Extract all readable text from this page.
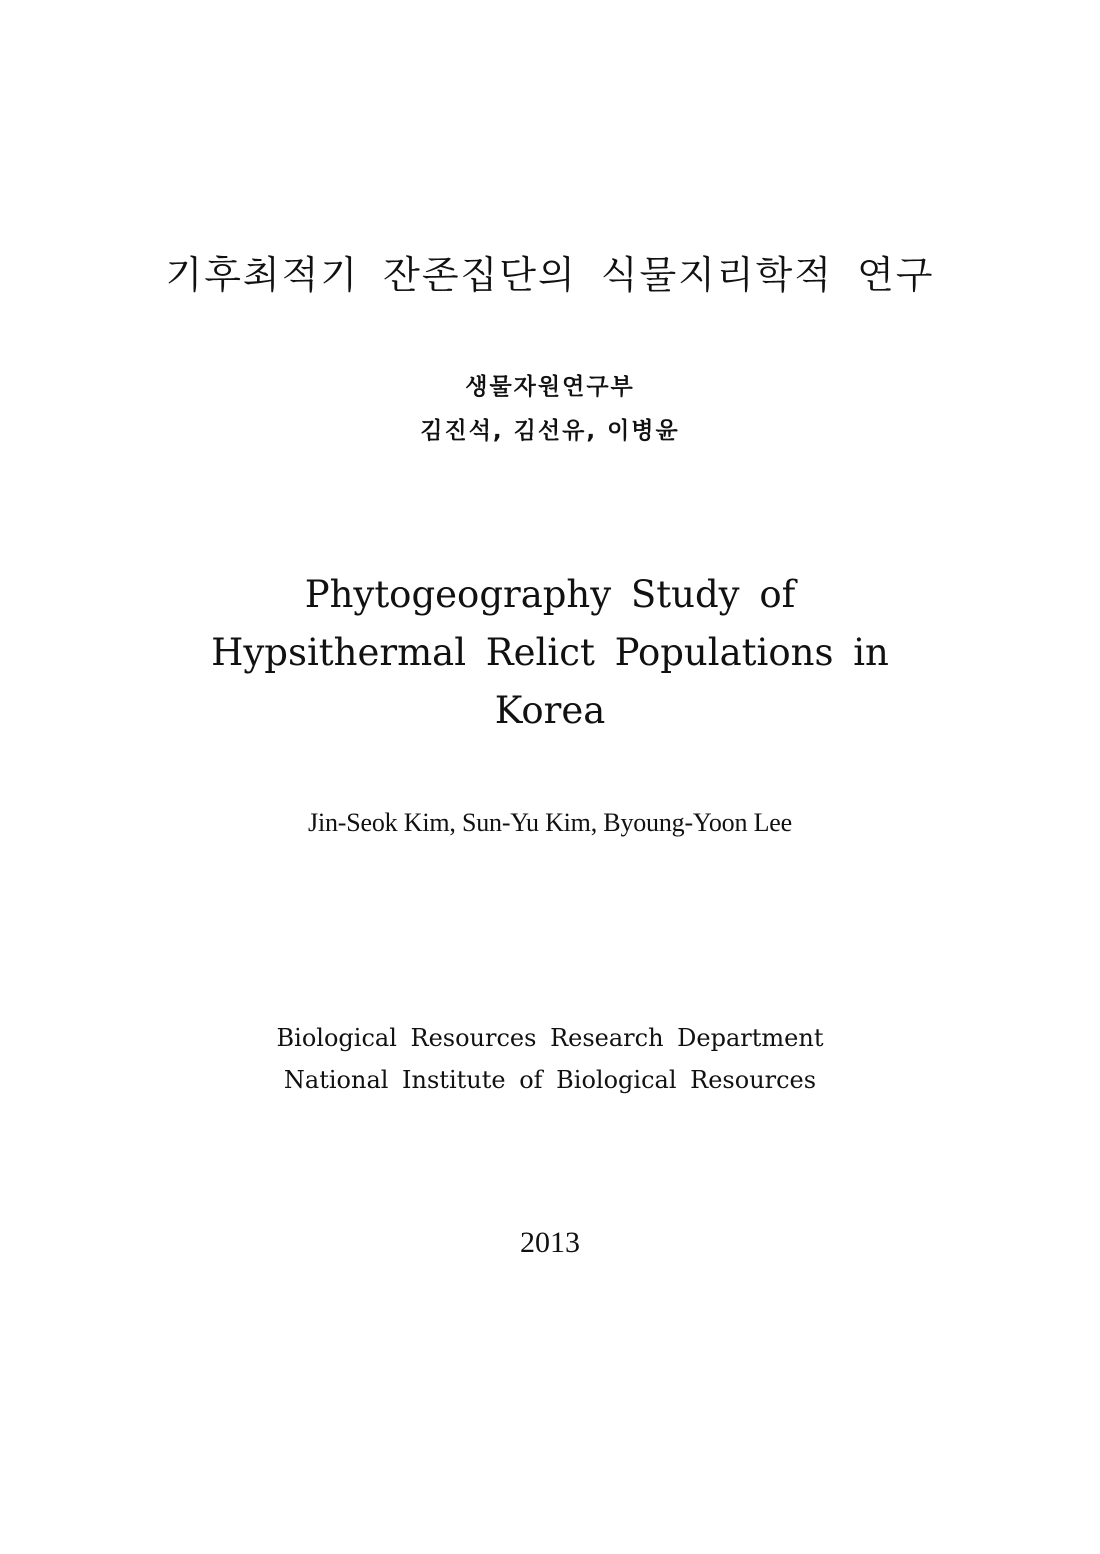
기후최적기 잔존집단의 식물지리학적 연구
생물자원연구부
김진석, 김선유, 이병윤
Phytogeography Study of
Hypsithermal Relict Populations in
Korea
Jin-Seok Kim, Sun-Yu Kim, Byoung-Yoon Lee
Biological Resources Research Department
National Institute of Biological Resources
2013
